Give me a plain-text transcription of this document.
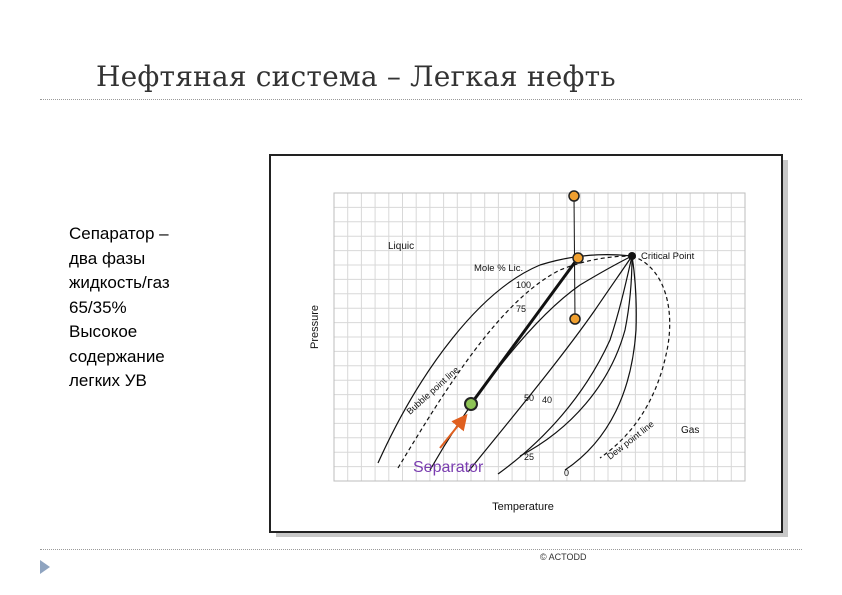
Нефтяная система – Легкая нефть
Сепаратор –
два фазы
жидкость/газ
65/35%
Высокое
содержание
легких УВ
Pressure
Temperature
Liquic
Gas
Mole % Lic.
Critical Point
Bubble point line
Dew point line
100
75
50 40
25
0
Separator
© ACTODD
